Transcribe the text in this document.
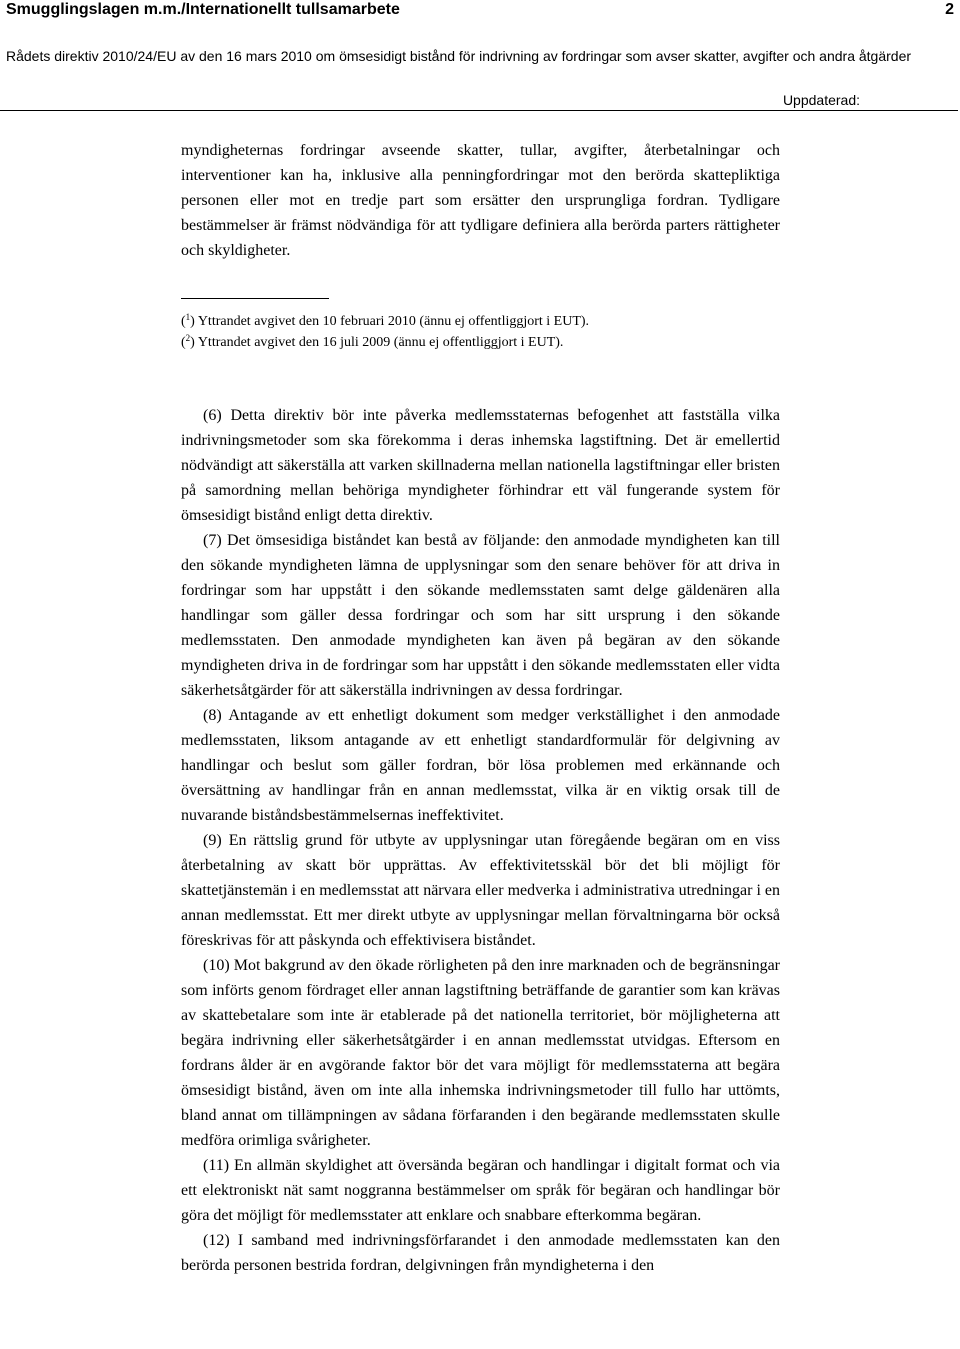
Smugglingslagen m.m./Internationellt tullsamarbete	2
Rådets direktiv 2010/24/EU av den 16 mars 2010 om ömsesidigt bistånd för indrivning av fordringar som avser skatter, avgifter och andra åtgärder
Uppdaterad:

myndigheternas fordringar avseende skatter, tullar, avgifter, återbetalningar och interventioner kan ha, inklusive alla penningfordringar mot den berörda skattepliktiga personen eller mot en tredje part som ersätter den ursprungliga fordran. Tydligare bestämmelser är främst nödvändiga för att tydligare definiera alla berörda parters rättigheter och skyldigheter.

($^1$) Yttrandet avgivet den 10 februari 2010 (ännu ej offentliggjort i EUT).
($^2$) Yttrandet avgivet den 16 juli 2009 (ännu ej offentliggjort i EUT).

(6) Detta direktiv bör inte påverka medlemsstaternas befogenhet att fastställa vilka indrivningsmetoder som ska förekomma i deras inhemska lagstiftning. Det är emellertid nödvändigt att säkerställa att varken skillnaderna mellan nationella lagstiftningar eller bristen på samordning mellan behöriga myndigheter förhindrar ett väl fungerande system för ömsesidigt bistånd enligt detta direktiv.

(7) Det ömsesidiga biståndet kan bestå av följande: den anmodade myndigheten kan till den sökande myndigheten lämna de upplysningar som den senare behöver för att driva in fordringar som har uppstått i den sökande medlemsstaten samt delge gäldenären alla handlingar som gäller dessa fordringar och som har sitt ursprung i den sökande medlemsstaten. Den anmodade myndigheten kan även på begäran av den sökande myndigheten driva in de fordringar som har uppstått i den sökande medlemsstaten eller vidta säkerhetsåtgärder för att säkerställa indrivningen av dessa fordringar.

(8) Antagande av ett enhetligt dokument som medger verkställighet i den anmodade medlemsstaten, liksom antagande av ett enhetligt standardformulär för delgivning av handlingar och beslut som gäller fordran, bör lösa problemen med erkännande och översättning av handlingar från en annan medlemsstat, vilka är en viktig orsak till de nuvarande biståndsbestämmelsernas ineffektivitet.

(9) En rättslig grund för utbyte av upplysningar utan föregående begäran om en viss återbetalning av skatt bör upprättas. Av effektivitetsskäl bör det bli möjligt för skattetjänstemän i en medlemsstat att närvara eller medverka i administrativa utredningar i en annan medlemsstat. Ett mer direkt utbyte av upplysningar mellan förvaltningarna bör också föreskrivas för att påskynda och effektivisera biståndet.

(10) Mot bakgrund av den ökade rörligheten på den inre marknaden och de begränsningar som införts genom fördraget eller annan lagstiftning beträffande de garantier som kan krävas av skattebetalare som inte är etablerade på det nationella territoriet, bör möjligheterna att begära indrivning eller säkerhetsåtgärder i en annan medlemsstat utvidgas. Eftersom en fordrans ålder är en avgörande faktor bör det vara möjligt för medlemsstaterna att begära ömsesidigt bistånd, även om inte alla inhemska indrivningsmetoder till fullo har uttömts, bland annat om tillämpningen av sådana förfaranden i den begärande medlemsstaten skulle medföra orimliga svårigheter.

(11) En allmän skyldighet att översända begäran och handlingar i digitalt format och via ett elektroniskt nät samt noggranna bestämmelser om språk för begäran och handlingar bör göra det möjligt för medlemsstater att enklare och snabbare efterkomma begäran.

(12) I samband med indrivningsförfarandet i den anmodade medlemsstaten kan den berörda personen bestrida fordran, delgivningen från myndigheterna i den
